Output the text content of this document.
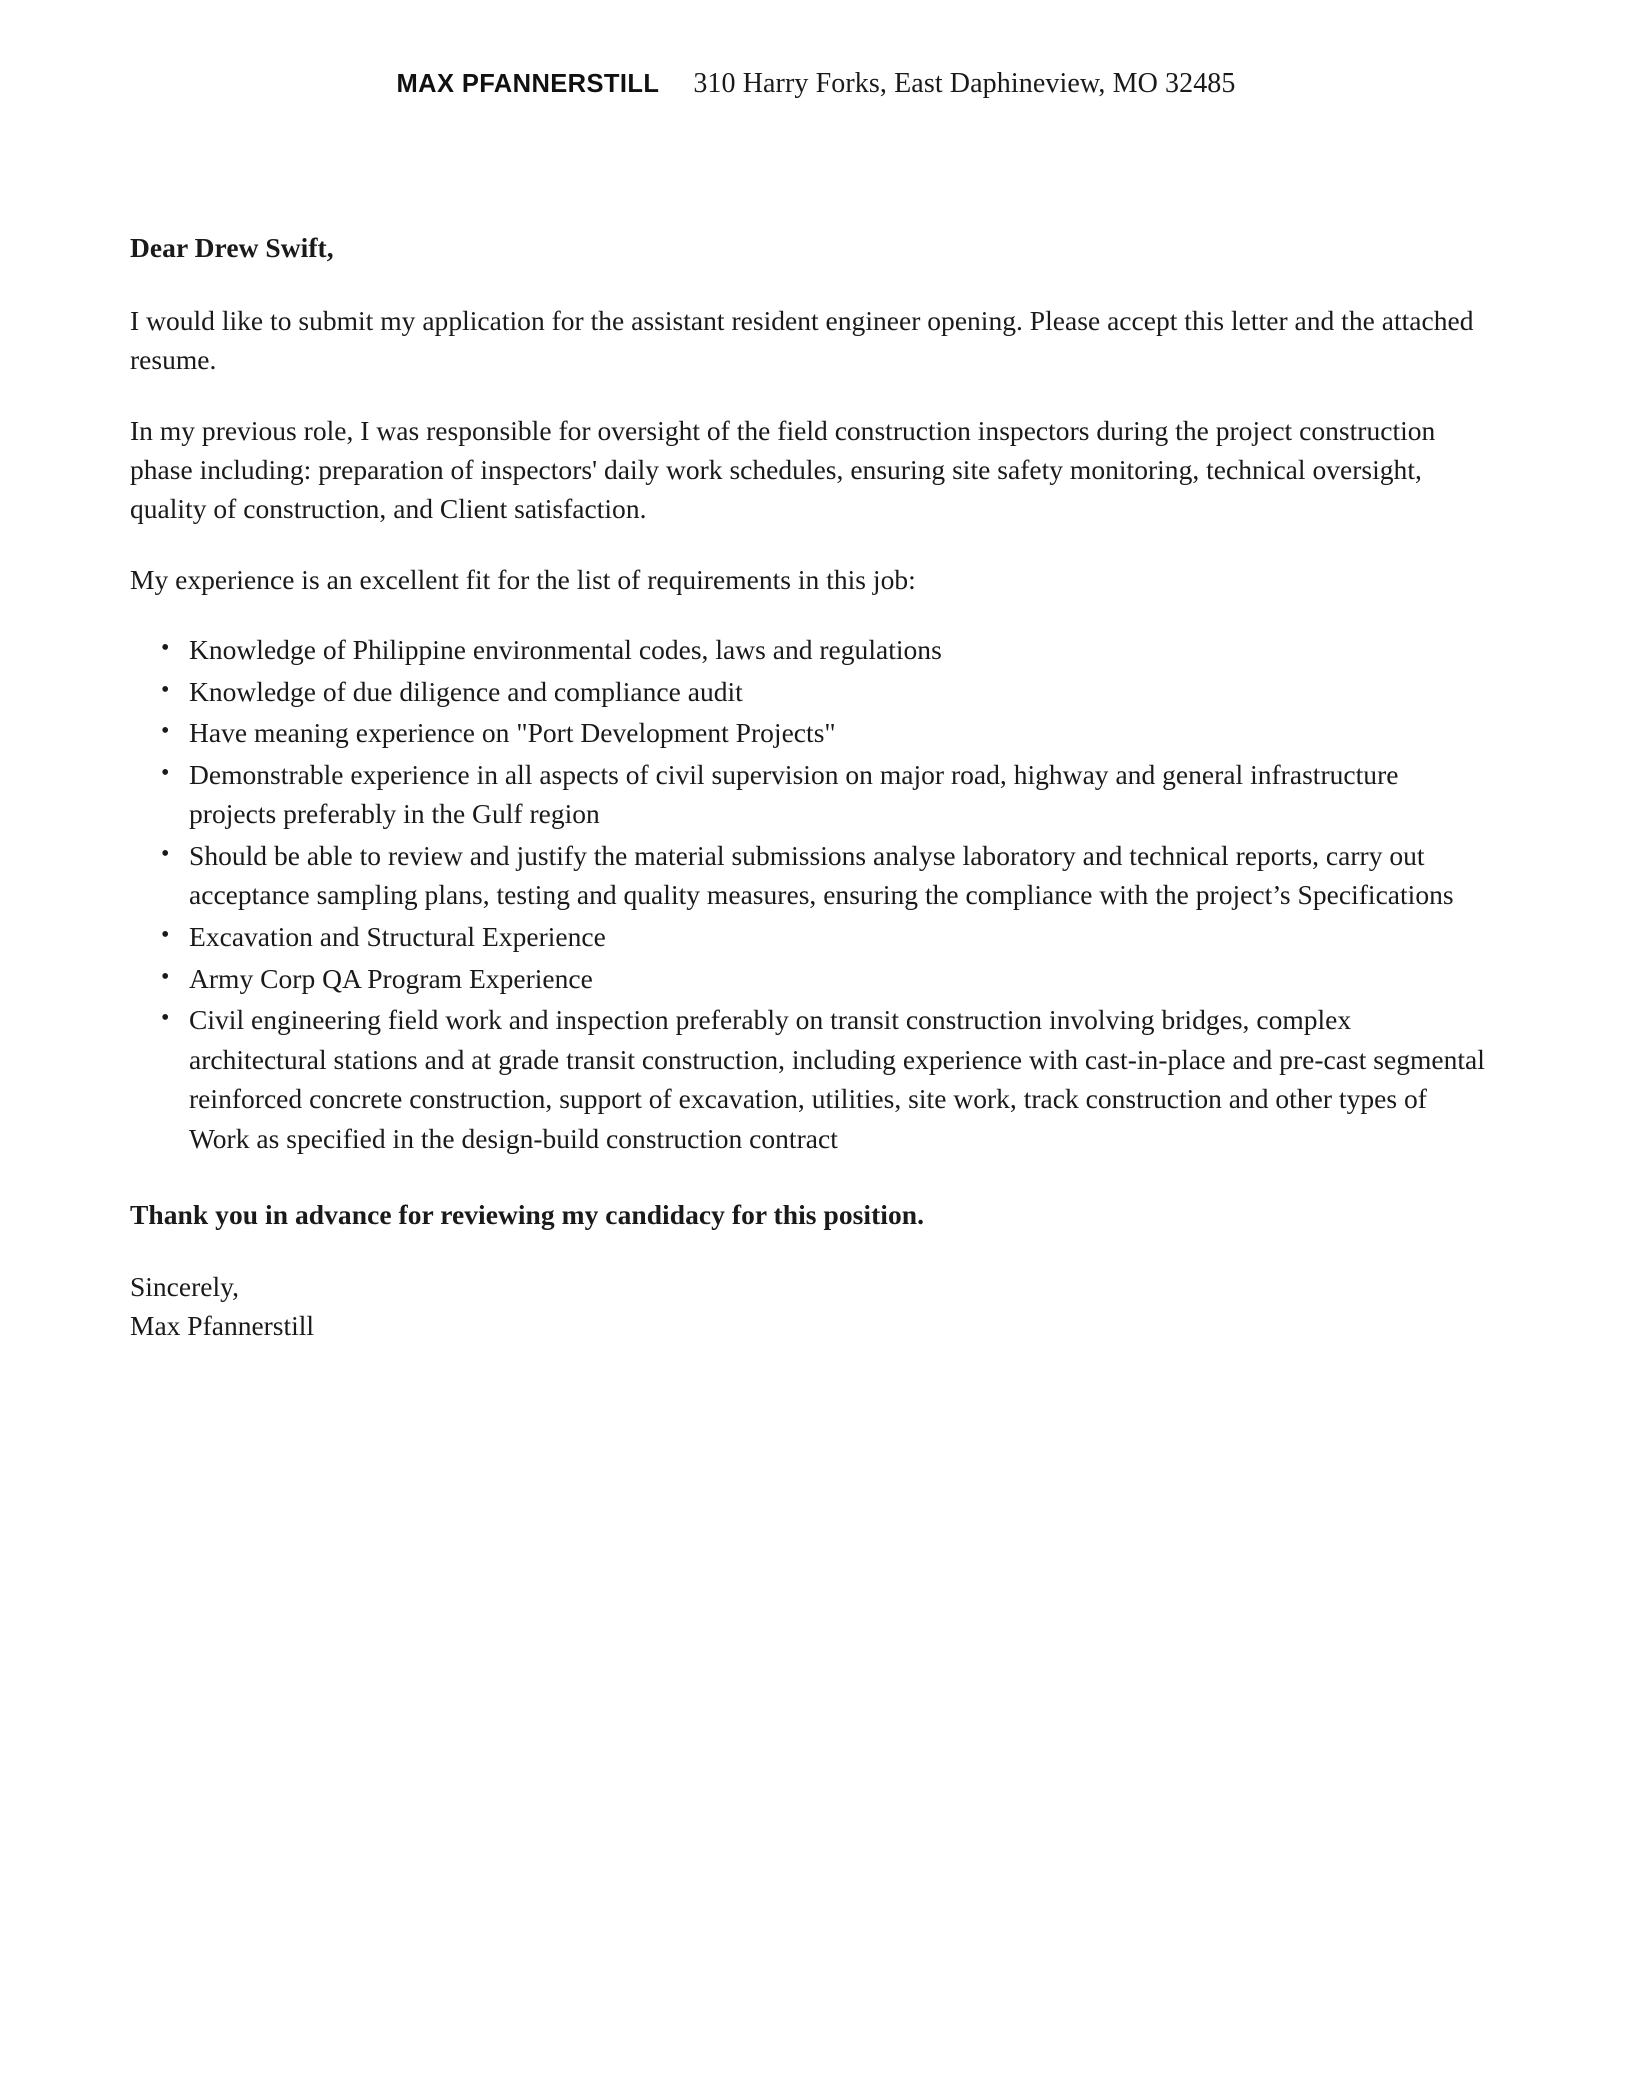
MAX PFANNERSTILL 310 Harry Forks, East Daphineview, MO 32485

Dear Drew Swift,

I would like to submit my application for the assistant resident engineer opening. Please accept this letter and the attached resume.

In my previous role, I was responsible for oversight of the field construction inspectors during the project construction phase including: preparation of inspectors' daily work schedules, ensuring site safety monitoring, technical oversight, quality of construction, and Client satisfaction.

My experience is an excellent fit for the list of requirements in this job:

• Knowledge of Philippine environmental codes, laws and regulations
• Knowledge of due diligence and compliance audit
• Have meaning experience on "Port Development Projects"
• Demonstrable experience in all aspects of civil supervision on major road, highway and general infrastructure projects preferably in the Gulf region
• Should be able to review and justify the material submissions analyse laboratory and technical reports, carry out acceptance sampling plans, testing and quality measures, ensuring the compliance with the project’s Specifications
• Excavation and Structural Experience
• Army Corp QA Program Experience
• Civil engineering field work and inspection preferably on transit construction involving bridges, complex architectural stations and at grade transit construction, including experience with cast-in-place and pre-cast segmental reinforced concrete construction, support of excavation, utilities, site work, track construction and other types of Work as specified in the design-build construction contract

Thank you in advance for reviewing my candidacy for this position.

Sincerely,
Max Pfannerstill
